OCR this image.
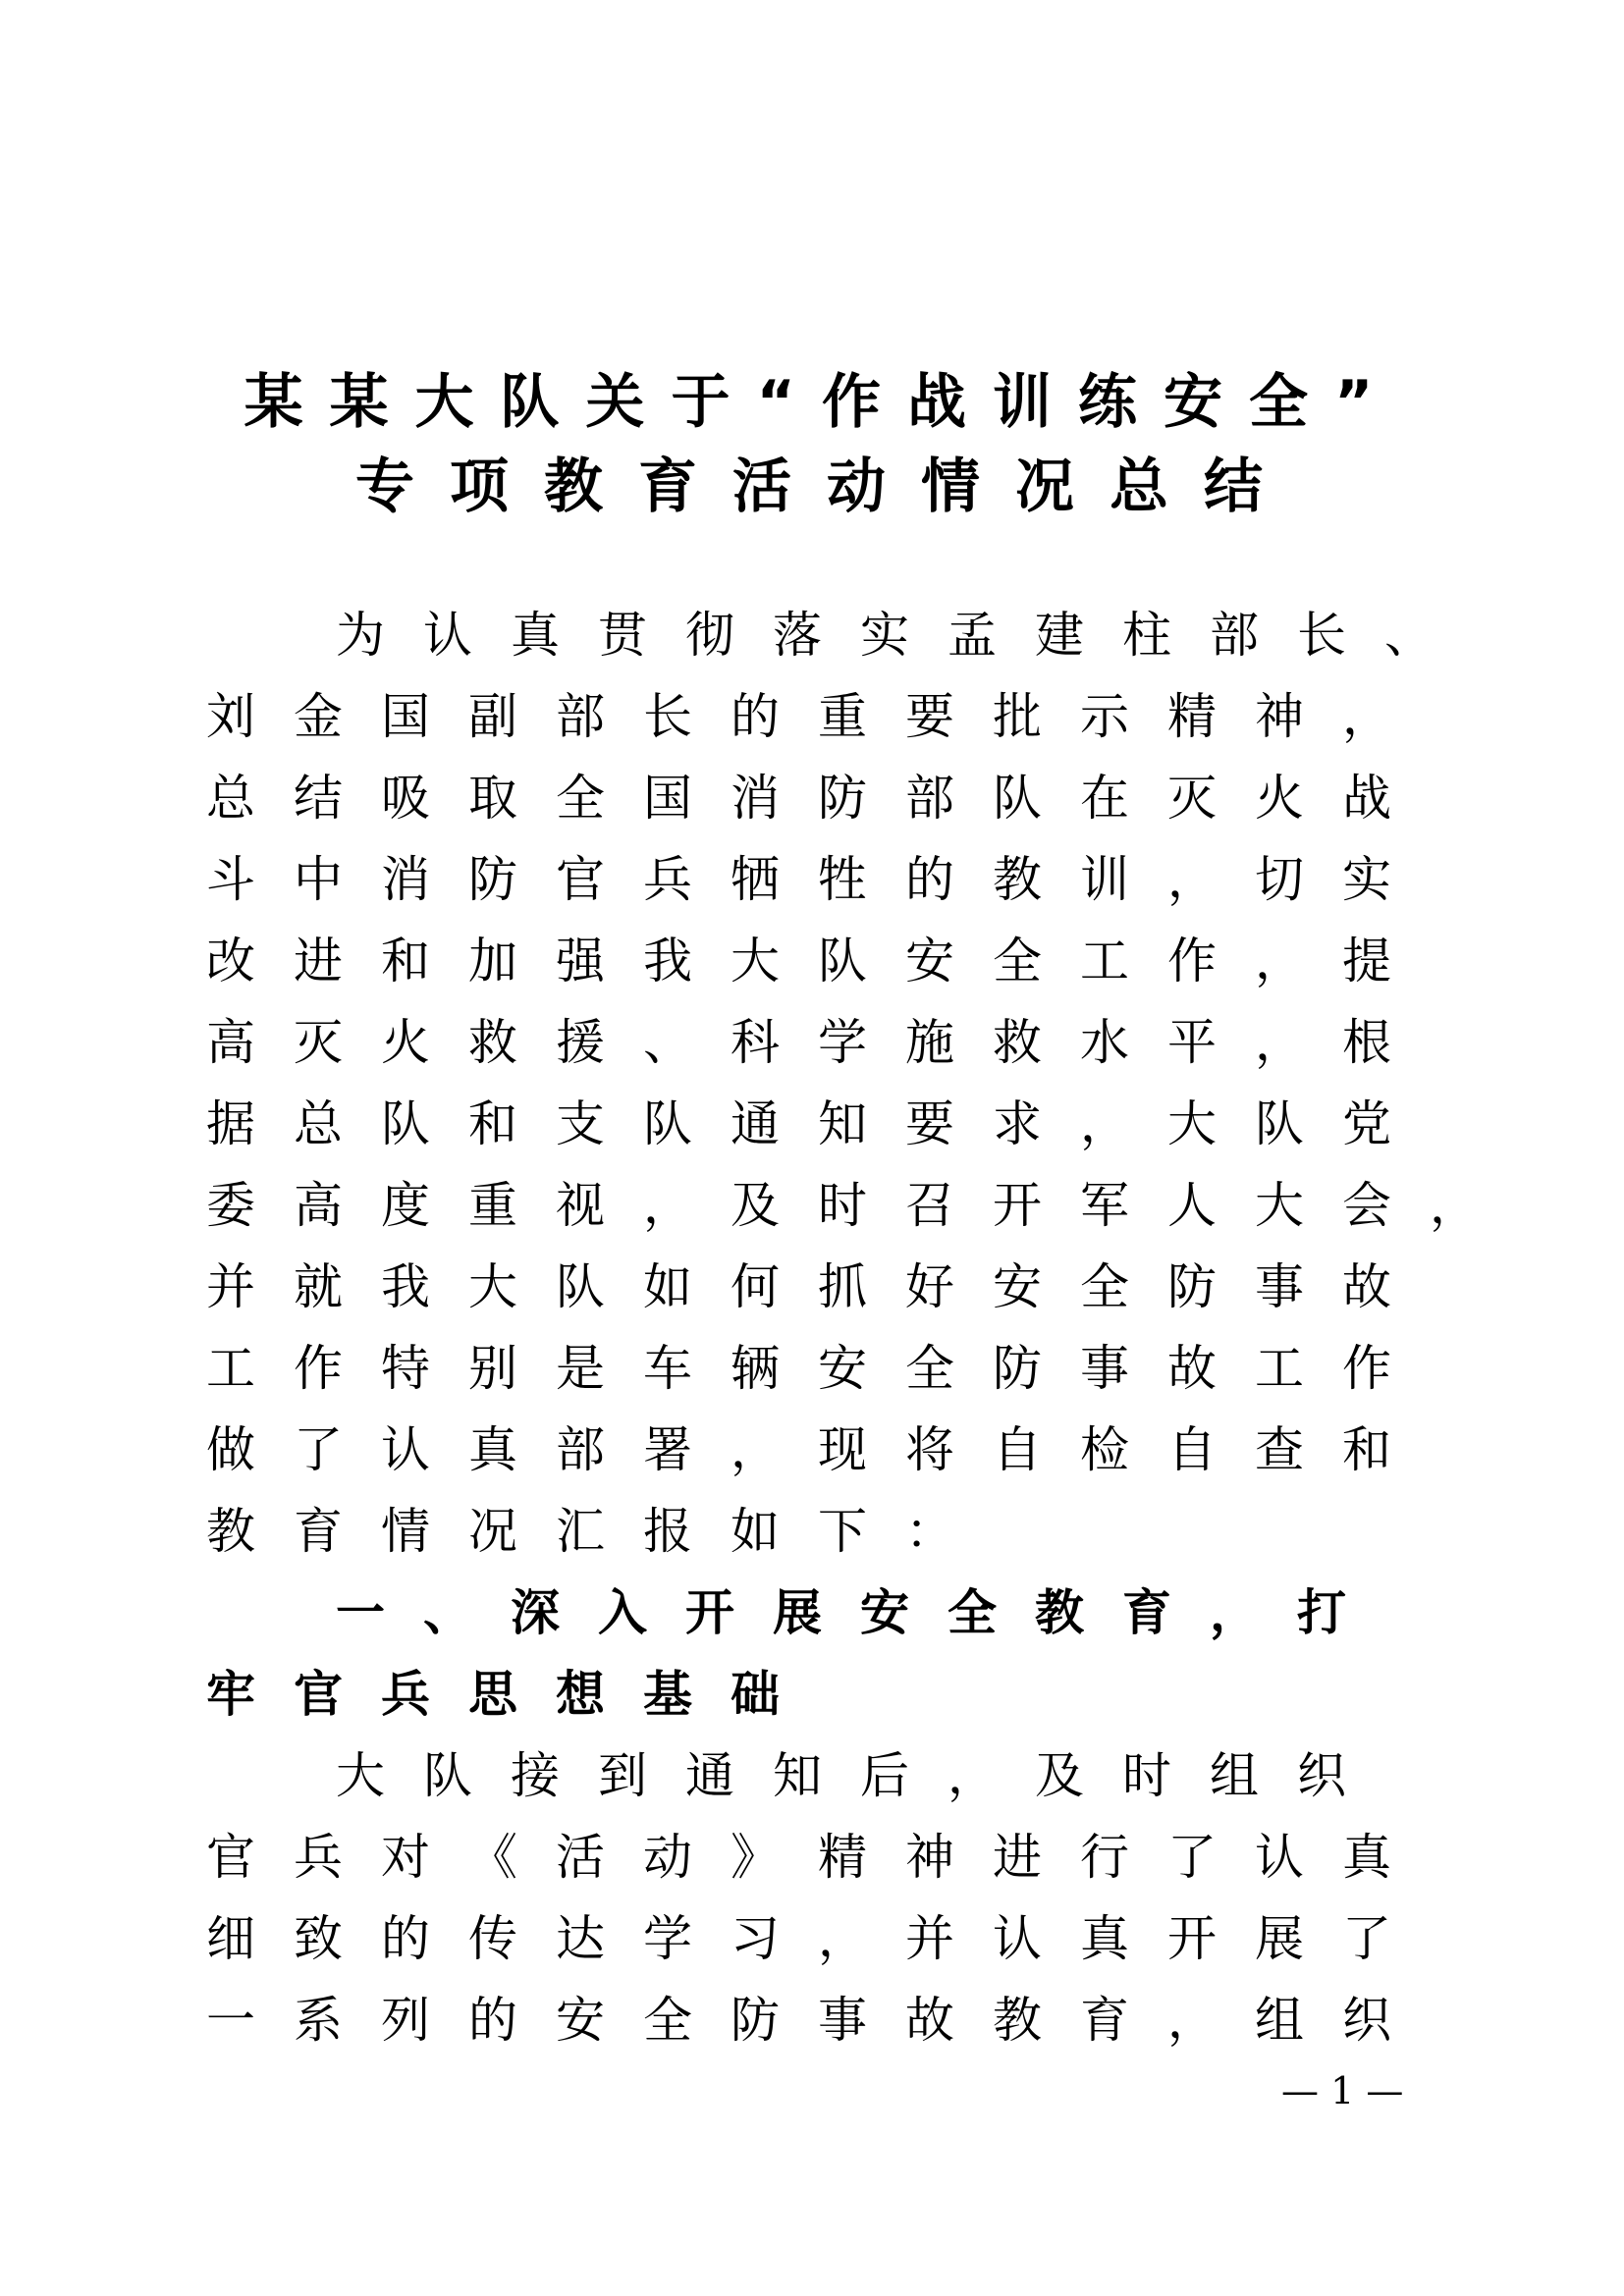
某某大队关于“作战训练安全”
专项教育活动情况总结
为认真贯彻落实孟建柱部长、
刘金国副部长的重要批示精神，
总结吸取全国消防部队在灭火战
斗中消防官兵牺牲的教训，切实
改进和加强我大队安全工作，提
高灭火救援、科学施救水平，根
据总队和支队通知要求，大队党
委高度重视，及时召开军人大会，
并就我大队如何抓好安全防事故
工作特别是车辆安全防事故工作
做了认真部署，现将自检自查和
教育情况汇报如下：
一、深入开展安全教育，打
牢官兵思想基础
大队接到通知后，及时组织
官兵对《活动》精神进行了认真
细致的传达学习，并认真开展了
一系列的安全防事故教育，组织
— 1 —
